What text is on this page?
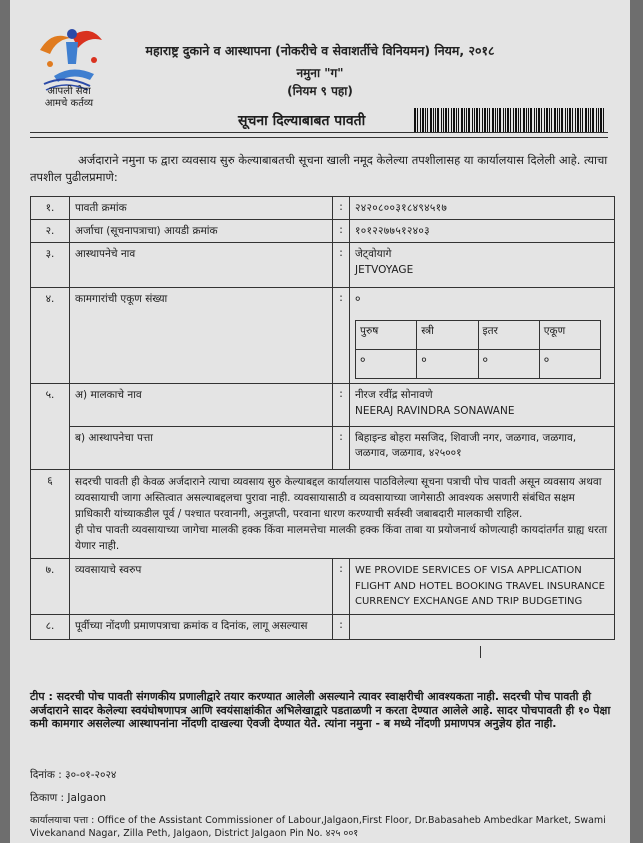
आपली सेवा
आमचे कर्तव्य
महाराष्ट्र दुकाने व आस्थापना (नोकरीचे व सेवाशर्तीचे विनियमन) नियम, २०१८
नमुना "ग"
(नियम ९ पहा)
सूचना दिल्याबाबत पावती
अर्जदाराने नमुना फ द्वारा व्यवसाय सुरु केल्याबाबतची सूचना खाली नमूद केलेल्या तपशीलासह या कार्यालयास दिलेली आहे. त्याचा तपशील पुढीलप्रमाणे:
१.	पावती क्रमांक	:	२४२०८००३१८४९४५१७
२.	अर्जाचा (सूचनापत्राचा) आयडी क्रमांक	:	१०१२२७७५१२४०३
३.	आस्थापनेचे नाव	:	जेट्वोयागे
JETVOYAGE

४.	कामगारांची एकूण संख्या	:	०
पुरुष	स्त्री	इतर	एकूण
०	०	०	०

५.	अ) मालकाचे नाव	:	नीरज रवींद्र सोनावणे
NEERAJ RAVINDRA SONAWANE

ब) आस्थापनेचा पत्ता	:	बिहाइन्ड बोहरा मसजिद, शिवाजी नगर, जळगाव, जळगाव, जळगाव, जळगाव, ४२५००१
६	सदरची पावती ही केवळ अर्जदाराने त्याचा व्यवसाय सुरु केल्याबद्दल कार्यालयास पाठविलेल्या सूचना पत्राची पोच पावती असून व्यवसाय अथवा व्यवसायाची जागा अस्तित्वात असल्याबद्दलचा पुरावा नाही. व्यवसायासाठी व व्यवसायाच्या जागेसाठी आवश्यक असणारी संबंधित सक्षम प्राधिकारी यांच्याकडील पूर्व / पश्चात परवानगी, अनुज्ञप्ती, परवाना धारण करण्याची सर्वस्वी जबाबदारी मालकाची राहिल.
ही पोच पावती व्यवसायाच्या जागेचा मालकी हक्क किंवा मालमत्तेचा मालकी हक्क किंवा ताबा या प्रयोजनार्थ कोणत्याही कायदांतर्गत ग्राह्य धरता येणार नाही.

७.	व्यवसायाचे स्वरुप	:	WE PROVIDE SERVICES OF VISA APPLICATION
FLIGHT AND HOTEL BOOKING TRAVEL INSURANCE
CURRENCY EXCHANGE AND TRIP BUDGETING

८.	पूर्वीच्या नोंदणी प्रमाणपत्राचा क्रमांक व दिनांक, लागू असल्यास	:	
टीप : सदरची पोच पावती संगणकीय प्रणालीद्वारे तयार करण्यात आलेली असल्याने त्यावर स्वाक्षरीची आवश्यकता नाही. सदरची पोच पावती ही अर्जदाराने सादर केलेल्या स्वयंघोषणापत्र आणि स्वयंसाक्षांकीत अभिलेखाद्वारे पडताळणी न करता देण्यात आलेले आहे. सादर पोचपावती ही १० पेक्षा कमी कामगार असलेल्या आस्थापनांना नोंदणी दाखल्या ऐवजी देण्यात येते. त्यांना नमुना - ब मध्ये नोंदणी प्रमाणपत्र अनुज्ञेय होत नाही.
दिनांक : ३०-०१-२०२४
ठिकाण : Jalgaon
कार्यालयाचा पत्ता : Office of the Assistant Commissioner of Labour,Jalgaon,First Floor, Dr.Babasaheb Ambedkar Market, Swami Vivekanand Nagar, Zilla Peth, Jalgaon, District Jalgaon Pin No. ४२५ ००१
